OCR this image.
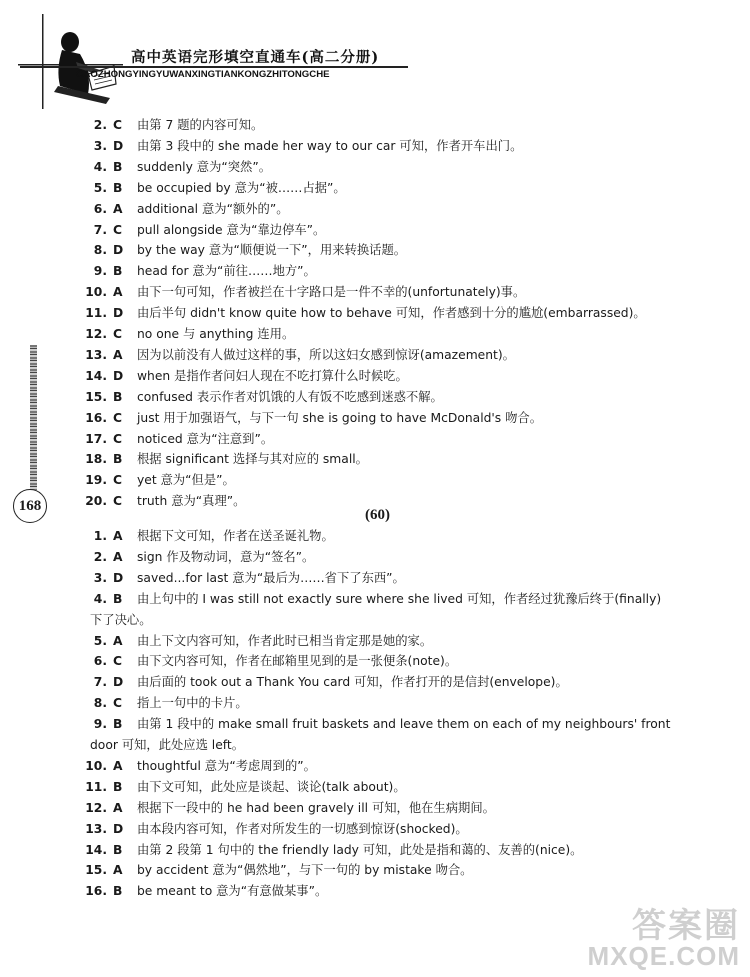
高中英语完形填空直通车(高二分册)
GAOZHONGYINGYUWANXINGTIANKONGZHITONGCHE
168
2. C 由第 7 题的内容可知。
3. D 由第 3 段中的 she made her way to our car 可知，作者开车出门。
4. B suddenly 意为“突然”。
5. B be occupied by 意为“被……占据”。
6. A additional 意为“额外的”。
7. C pull alongside 意为“靠边停车”。
8. D by the way 意为“顺便说一下”，用来转换话题。
9. B head for 意为“前往……地方”。
10. A 由下一句可知，作者被拦在十字路口是一件不幸的(unfortunately)事。
11. D 由后半句 didn't know quite how to behave 可知，作者感到十分的尴尬(embarrassed)。
12. C no one 与 anything 连用。
13. A 因为以前没有人做过这样的事，所以这妇女感到惊讶(amazement)。
14. D when 是指作者问妇人现在不吃打算什么时候吃。
15. B confused 表示作者对饥饿的人有饭不吃感到迷惑不解。
16. C just 用于加强语气，与下一句 she is going to have McDonald's 吻合。
17. C noticed 意为“注意到”。
18. B 根据 significant 选择与其对应的 small。
19. C yet 意为“但是”。
20. C truth 意为“真理”。
(60)
1. A 根据下文可知，作者在送圣诞礼物。
2. A sign 作及物动词，意为“签名”。
3. D saved...for last 意为“最后为……省下了东西”。
4. B 由上句中的 I was still not exactly sure where she lived 可知，作者经过犹豫后终于(finally)
下了决心。
5. A 由上下文内容可知，作者此时已相当肯定那是她的家。
6. C 由下文内容可知，作者在邮箱里见到的是一张便条(note)。
7. D 由后面的 took out a Thank You card 可知，作者打开的是信封(envelope)。
8. C 指上一句中的卡片。
9. B 由第 1 段中的 make small fruit baskets and leave them on each of my neighbours' front
door 可知，此处应选 left。
10. A thoughtful 意为“考虑周到的”。
11. B 由下文可知，此处应是谈起、谈论(talk about)。
12. A 根据下一段中的 he had been gravely ill 可知，他在生病期间。
13. D 由本段内容可知，作者对所发生的一切感到惊讶(shocked)。
14. B 由第 2 段第 1 句中的 the friendly lady 可知，此处是指和蔼的、友善的(nice)。
15. A by accident 意为“偶然地”，与下一句的 by mistake 吻合。
16. B be meant to 意为“有意做某事”。
答案圈
MXQE.COM
